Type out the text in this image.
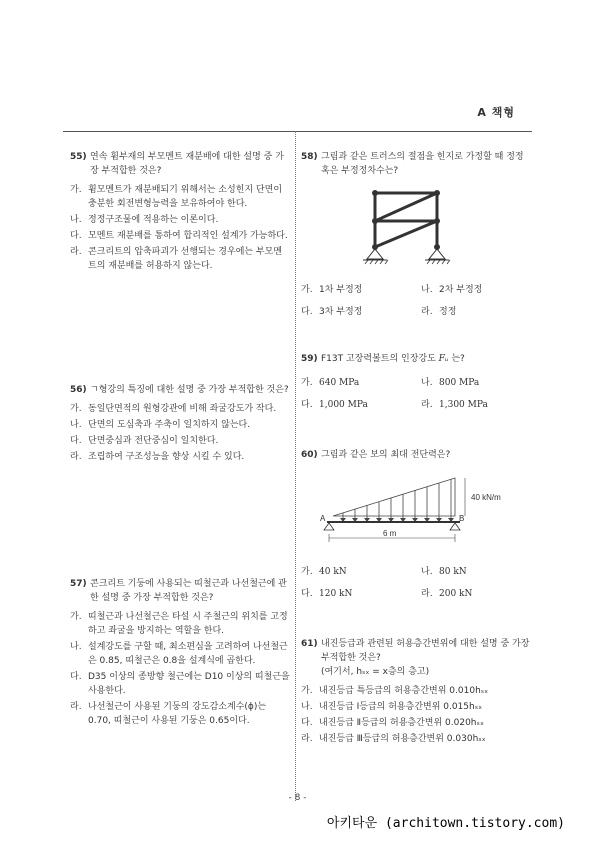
A 책형
55) 연속 휨부재의 부모멘트 재분배에 대한 설명 중 가장 부적합한 것은?
가. 휨모멘트가 재분배되기 위해서는 소성힌지 단면이 충분한 회전변형능력을 보유하여야 한다.
나. 정정구조물에 적용하는 이론이다.
다. 모멘트 재분배를 통하여 합리적인 설계가 가능하다.
라. 콘크리트의 압축파괴가 선행되는 경우에는 부모멘트의 재분배를 허용하지 않는다.
56) ㄱ형강의 특징에 대한 설명 중 가장 부적합한 것은?
가. 동일단면적의 원형강관에 비해 좌굴강도가 작다.
나. 단면의 도심축과 주축이 일치하지 않는다.
다. 단면중심과 전단중심이 일치한다.
라. 조립하여 구조성능을 향상 시킬 수 있다.
57) 콘크리트 기둥에 사용되는 띠철근과 나선철근에 관한 설명 중 가장 부적합한 것은?
가. 띠철근과 나선철근은 타설 시 주철근의 위치를 고정하고 좌굴을 방지하는 역할을 한다.
나. 설계강도를 구할 때, 최소편심을 고려하여 나선철근은 0.85, 띠철근은 0.8을 설계식에 곱한다.
다. D35 이상의 종방향 철근에는 D10 이상의 띠철근을 사용한다.
라. 나선철근이 사용된 기둥의 강도감소계수(ϕ)는 0.70, 띠철근이 사용된 기둥은 0.65이다.
58) 그림과 같은 트러스의 절점을 힌지로 가정할 때 정정 혹은 부정정차수는?
가. 1차 부정정	나. 2차 부정정
다. 3차 부정정	라. 정정
59) F13T 고장력볼트의 인장강도 Fᵤ 는?
가. 640 MPa	나. 800 MPa
다. 1,000 MPa	라. 1,300 MPa
60) 그림과 같은 보의 최대 전단력은?
A	B
40 kN/m
6 m
가. 40 kN	나. 80 kN
다. 120 kN	라. 200 kN
61) 내진등급과 관련된 허용층간변위에 대한 설명 중 가장 부적합한 것은?
(여기서, hₛₓ = x층의 층고)
가. 내진등급 특등급의 허용층간변위 0.010hₛₓ
나. 내진등급 Ⅰ등급의 허용층간변위 0.015hₛₓ
다. 내진등급 Ⅱ등급의 허용층간변위 0.020hₛₓ
라. 내진등급 Ⅲ등급의 허용층간변위 0.030hₛₓ
- 8 -
아키타운 (architown.tistory.com)
